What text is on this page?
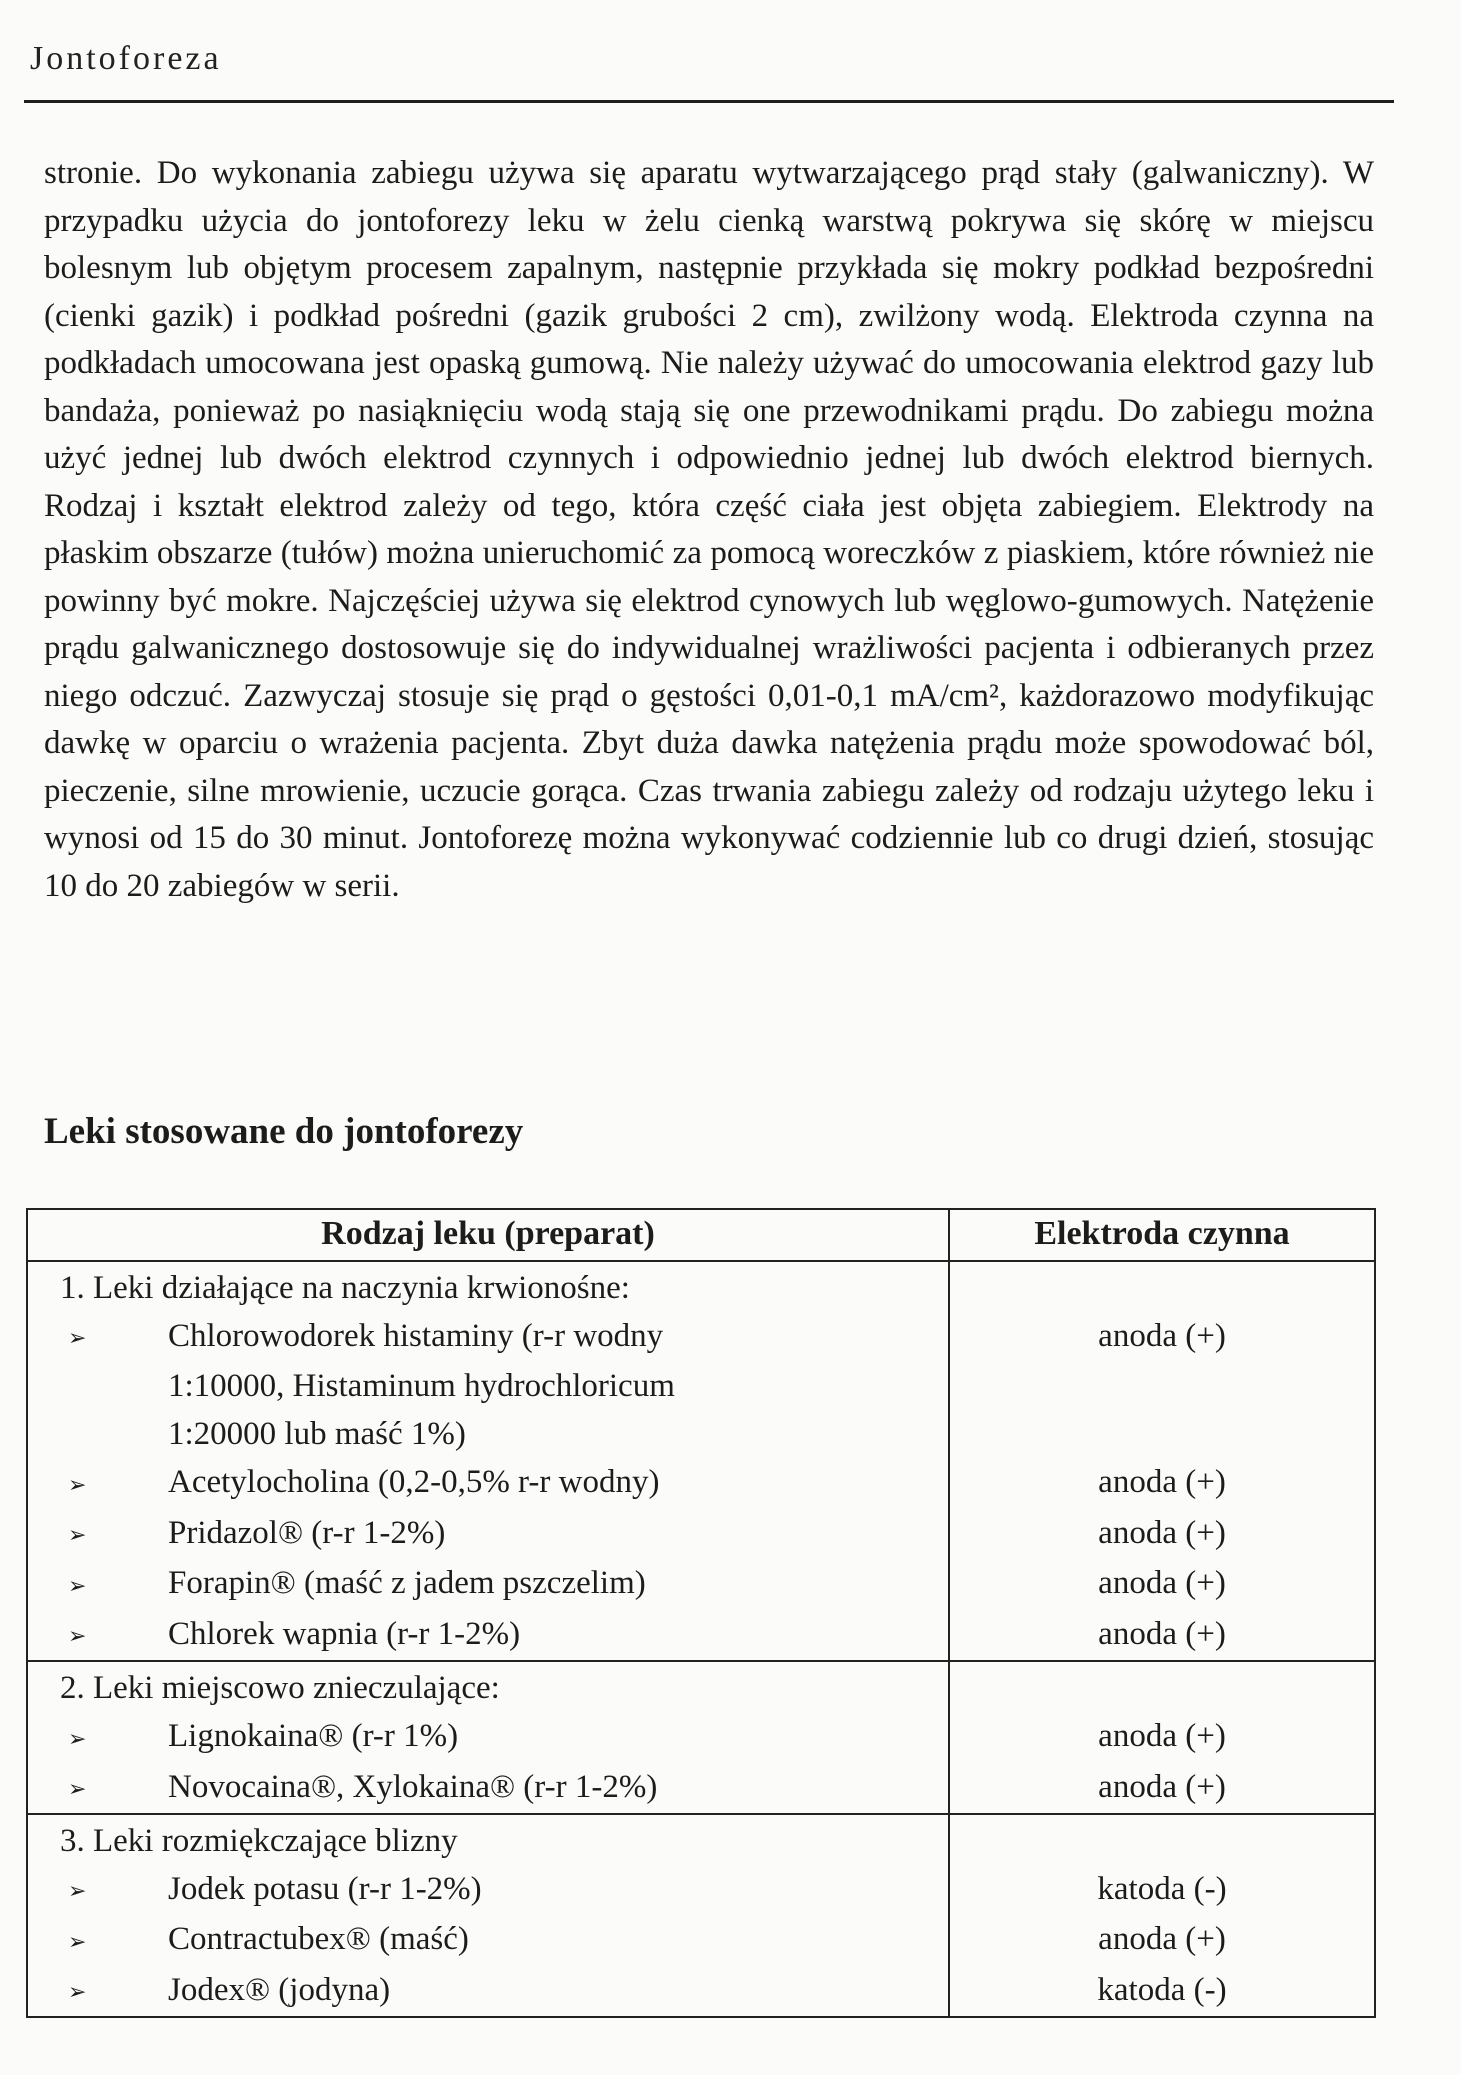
Jontoforeza

stronie. Do wykonania zabiegu używa się aparatu wytwarzającego prąd stały (galwaniczny). W przypadku użycia do jontoforezy leku w żelu cienką warstwą pokrywa się skórę w miejscu bolesnym lub objętym procesem zapalnym, następnie przykłada się mokry podkład bezpośredni (cienki gazik) i podkład pośredni (gazik grubości 2 cm), zwilżony wodą. Elektroda czynna na podkładach umocowana jest opaską gumową. Nie należy używać do umocowania elektrod gazy lub bandaża, ponieważ po nasiąknięciu wodą stają się one przewodnikami prądu. Do zabiegu można użyć jednej lub dwóch elektrod czynnych i odpowiednio jednej lub dwóch elektrod biernych. Rodzaj i kształt elektrod zależy od tego, która część ciała jest objęta zabiegiem. Elektrody na płaskim obszarze (tułów) można unieruchomić za pomocą woreczków z piaskiem, które również nie powinny być mokre. Najczęściej używa się elektrod cynowych lub węglowo-gumowych. Natężenie prądu galwanicznego dostosowuje się do indywidualnej wrażliwości pacjenta i odbieranych przez niego odczuć. Zazwyczaj stosuje się prąd o gęstości 0,01-0,1 mA/cm², każdorazowo modyfikując dawkę w oparciu o wrażenia pacjenta. Zbyt duża dawka natężenia prądu może spowodować ból, pieczenie, silne mrowienie, uczucie gorąca. Czas trwania zabiegu zależy od rodzaju użytego leku i wynosi od 15 do 30 minut. Jontoforezę można wykonywać codziennie lub co drugi dzień, stosując 10 do 20 zabiegów w serii.

Leki stosowane do jontoforezy
Rodzaj leku (preparat)	Elektroda czynna
1. Leki działające na naczynia krwionośne:	
➢ Chlorowodorek histaminy (r-r wodny
1:10000, Histaminum hydrochloricum
1:20000 lub maść 1%)	anoda (+)
➢ Acetylocholina (0,2-0,5% r-r wodny)	anoda (+)
➢ Pridazol® (r-r 1-2%)	anoda (+)
➢ Forapin® (maść z jadem pszczelim)	anoda (+)
➢ Chlorek wapnia (r-r 1-2%)	anoda (+)
2. Leki miejscowo znieczulające:	
➢ Lignokaina® (r-r 1%)	anoda (+)
➢ Novocaina®, Xylokaina® (r-r 1-2%)	anoda (+)
3. Leki rozmiękczające blizny	
➢ Jodek potasu (r-r 1-2%)	katoda (-)
➢ Contractubex® (maść)	anoda (+)
➢ Jodex® (jodyna)	katoda (-)
